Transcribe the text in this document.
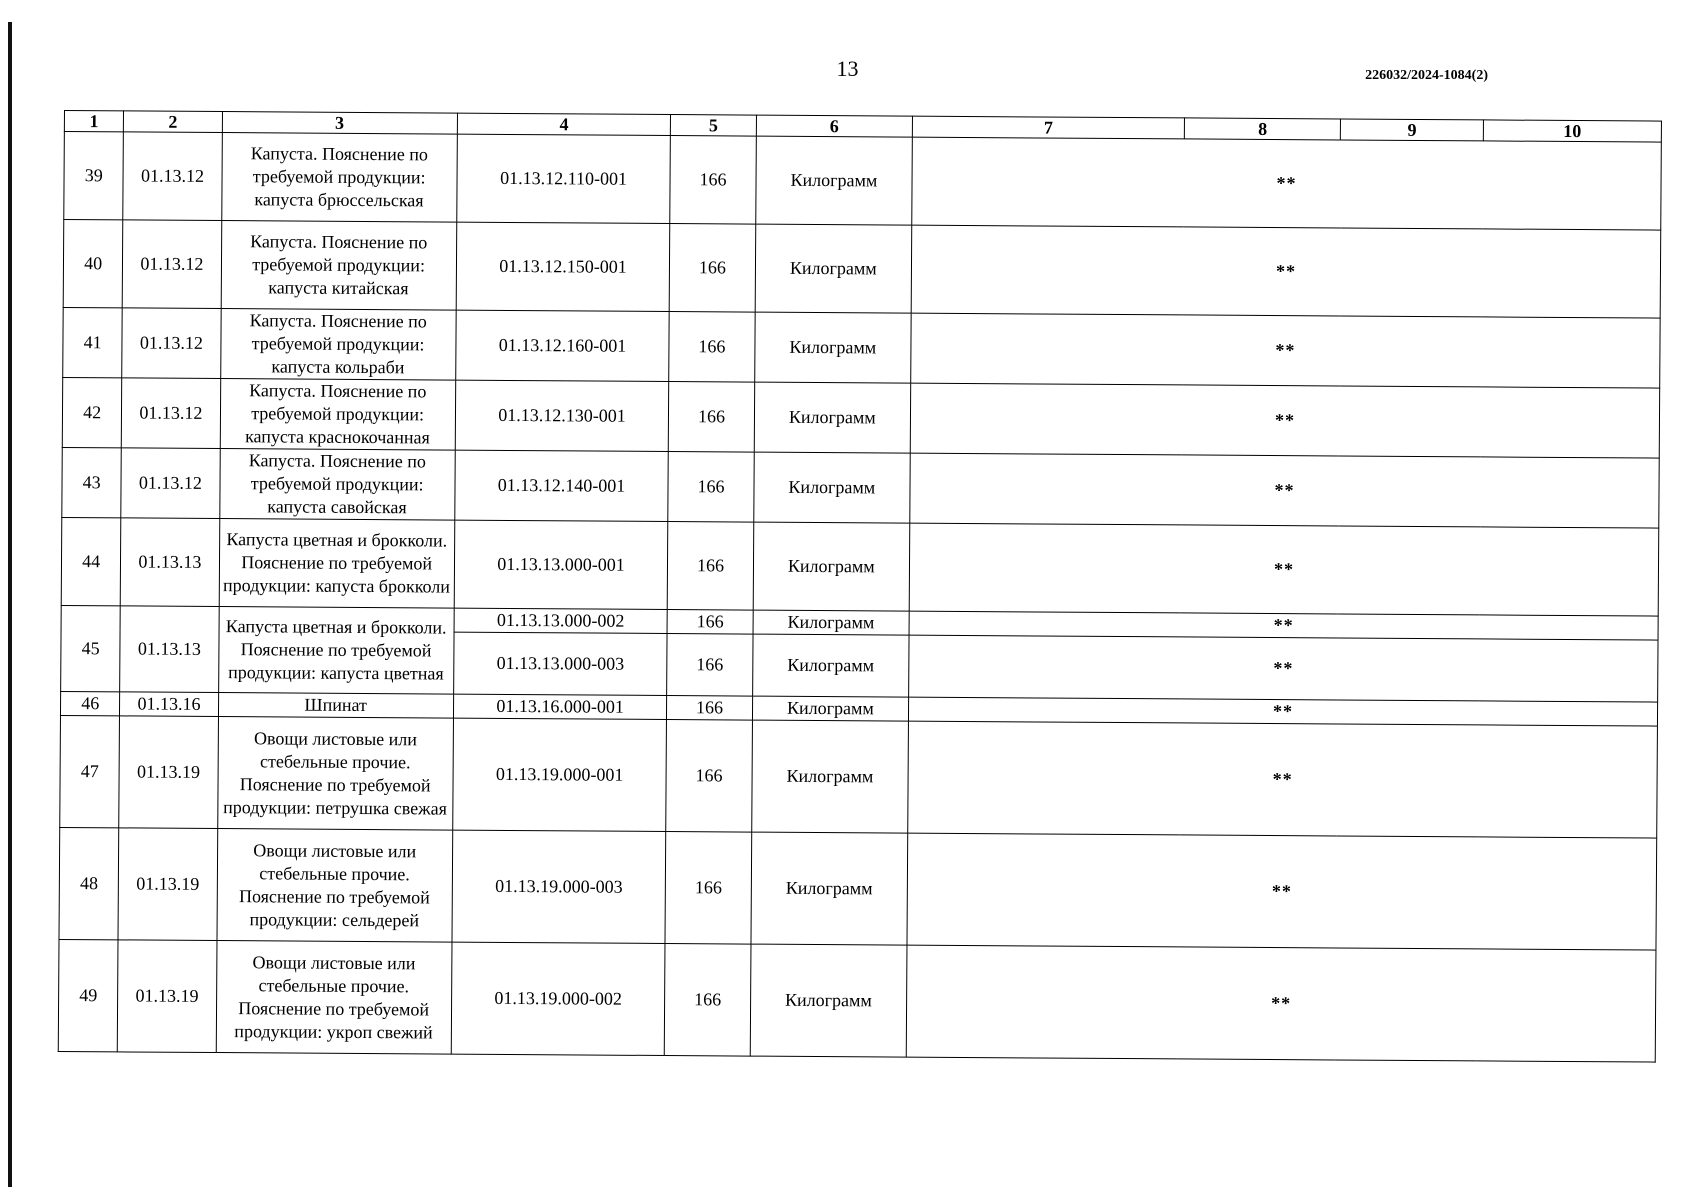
13	226032/2024-1084(2)
1	2	3	4	5	6	7	8	9	10
39	01.13.12	Капуста. Пояснение по требуемой продукции: капуста брюссельская	01.13.12.110-001	166	Килограмм	**			
40	01.13.12	Капуста. Пояснение по требуемой продукции: капуста китайская	01.13.12.150-001	166	Килограмм	**			
41	01.13.12	Капуста. Пояснение по требуемой продукции: капуста кольраби	01.13.12.160-001	166	Килограмм	**			
42	01.13.12	Капуста. Пояснение по требуемой продукции: капуста краснокочанная	01.13.12.130-001	166	Килограмм	**			
43	01.13.12	Капуста. Пояснение по требуемой продукции: капуста савойская	01.13.12.140-001	166	Килограмм	**			
44	01.13.13	Капуста цветная и брокколи. Пояснение по требуемой продукции: капуста брокколи	01.13.13.000-001	166	Килограмм	**			
45	01.13.13	Капуста цветная и брокколи. Пояснение по требуемой продукции: капуста цветная	01.13.13.000-002	166	Килограмм	**			
			01.13.13.000-003	166	Килограмм	**			
46	01.13.16	Шпинат	01.13.16.000-001	166	Килограмм	**			
47	01.13.19	Овощи листовые или стебельные прочие. Пояснение по требуемой продукции: петрушка свежая	01.13.19.000-001	166	Килограмм	**			
48	01.13.19	Овощи листовые или стебельные прочие. Пояснение по требуемой продукции: сельдерей	01.13.19.000-003	166	Килограмм	**			
49	01.13.19	Овощи листовые или стебельные прочие. Пояснение по требуемой продукции: укроп свежий	01.13.19.000-002	166	Килограмм	**			
